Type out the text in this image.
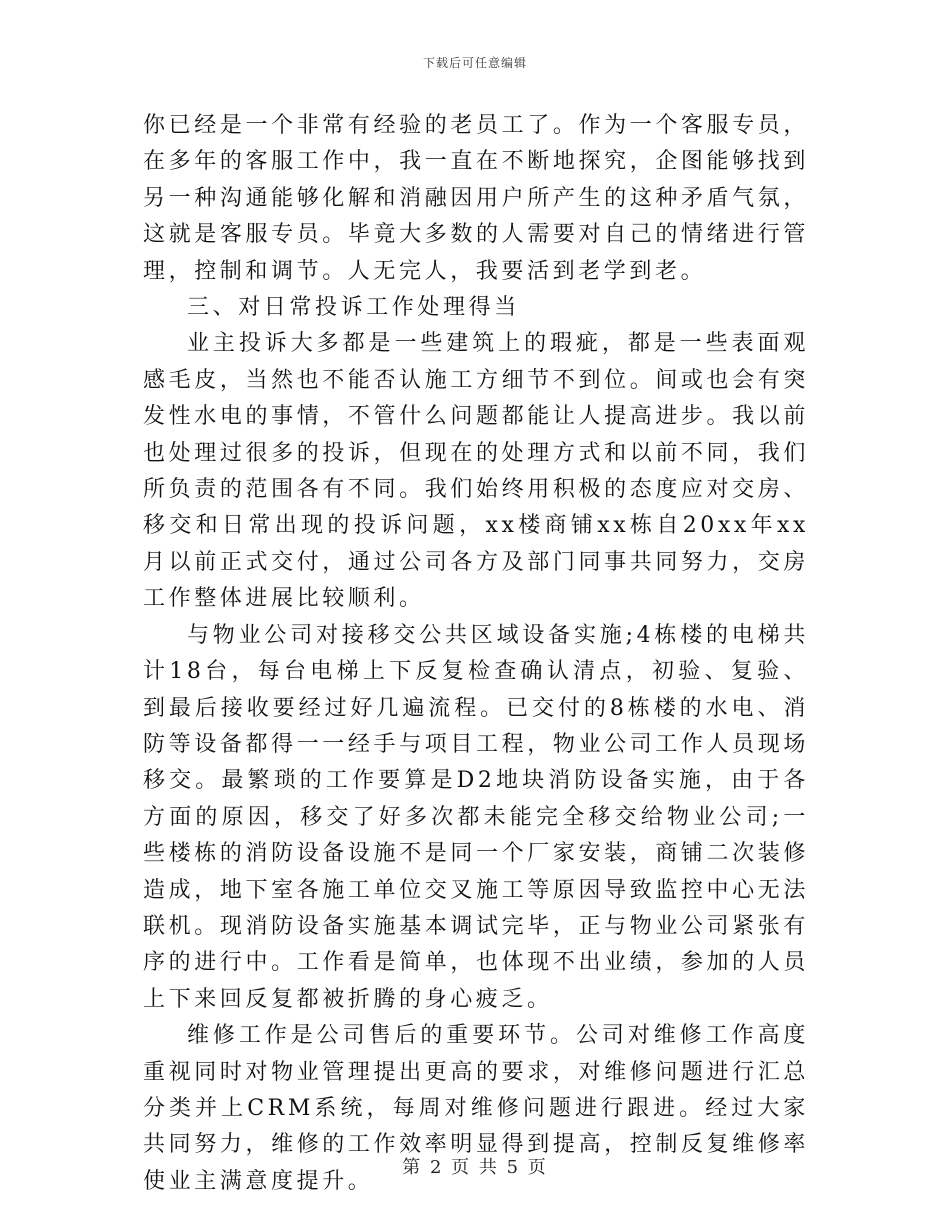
下载后可任意编辑

你已经是一个非常有经验的老员工了。作为一个客服专员，在多年的客服工作中，我一直在不断地探究，企图能够找到另一种沟通能够化解和消融因用户所产生的这种矛盾气氛，这就是客服专员。毕竟大多数的人需要对自己的情绪进行管理，控制和调节。人无完人，我要活到老学到老。

三、对日常投诉工作处理得当

业主投诉大多都是一些建筑上的瑕疵，都是一些表面观感毛皮，当然也不能否认施工方细节不到位。间或也会有突发性水电的事情，不管什么问题都能让人提高进步。我以前也处理过很多的投诉，但现在的处理方式和以前不同，我们所负责的范围各有不同。我们始终用积极的态度应对交房、移交和日常出现的投诉问题，xx楼商铺xx栋自20xx年xx月以前正式交付，通过公司各方及部门同事共同努力，交房工作整体进展比较顺利。

与物业公司对接移交公共区域设备实施;4栋楼的电梯共计18台，每台电梯上下反复检查确认清点，初验、复验、到最后接收要经过好几遍流程。已交付的8栋楼的水电、消防等设备都得一一经手与项目工程，物业公司工作人员现场移交。最繁琐的工作要算是D2地块消防设备实施，由于各方面的原因，移交了好多次都未能完全移交给物业公司;一些楼栋的消防设备设施不是同一个厂家安装，商铺二次装修造成，地下室各施工单位交叉施工等原因导致监控中心无法联机。现消防设备实施基本调试完毕，正与物业公司紧张有序的进行中。工作看是简单，也体现不出业绩，参加的人员上下来回反复都被折腾的身心疲乏。

维修工作是公司售后的重要环节。公司对维修工作高度重视同时对物业管理提出更高的要求，对维修问题进行汇总分类并上CRM系统，每周对维修问题进行跟进。经过大家共同努力，维修的工作效率明显得到提高，控制反复维修率使业主满意度提升。

第 2 页 共 5 页
